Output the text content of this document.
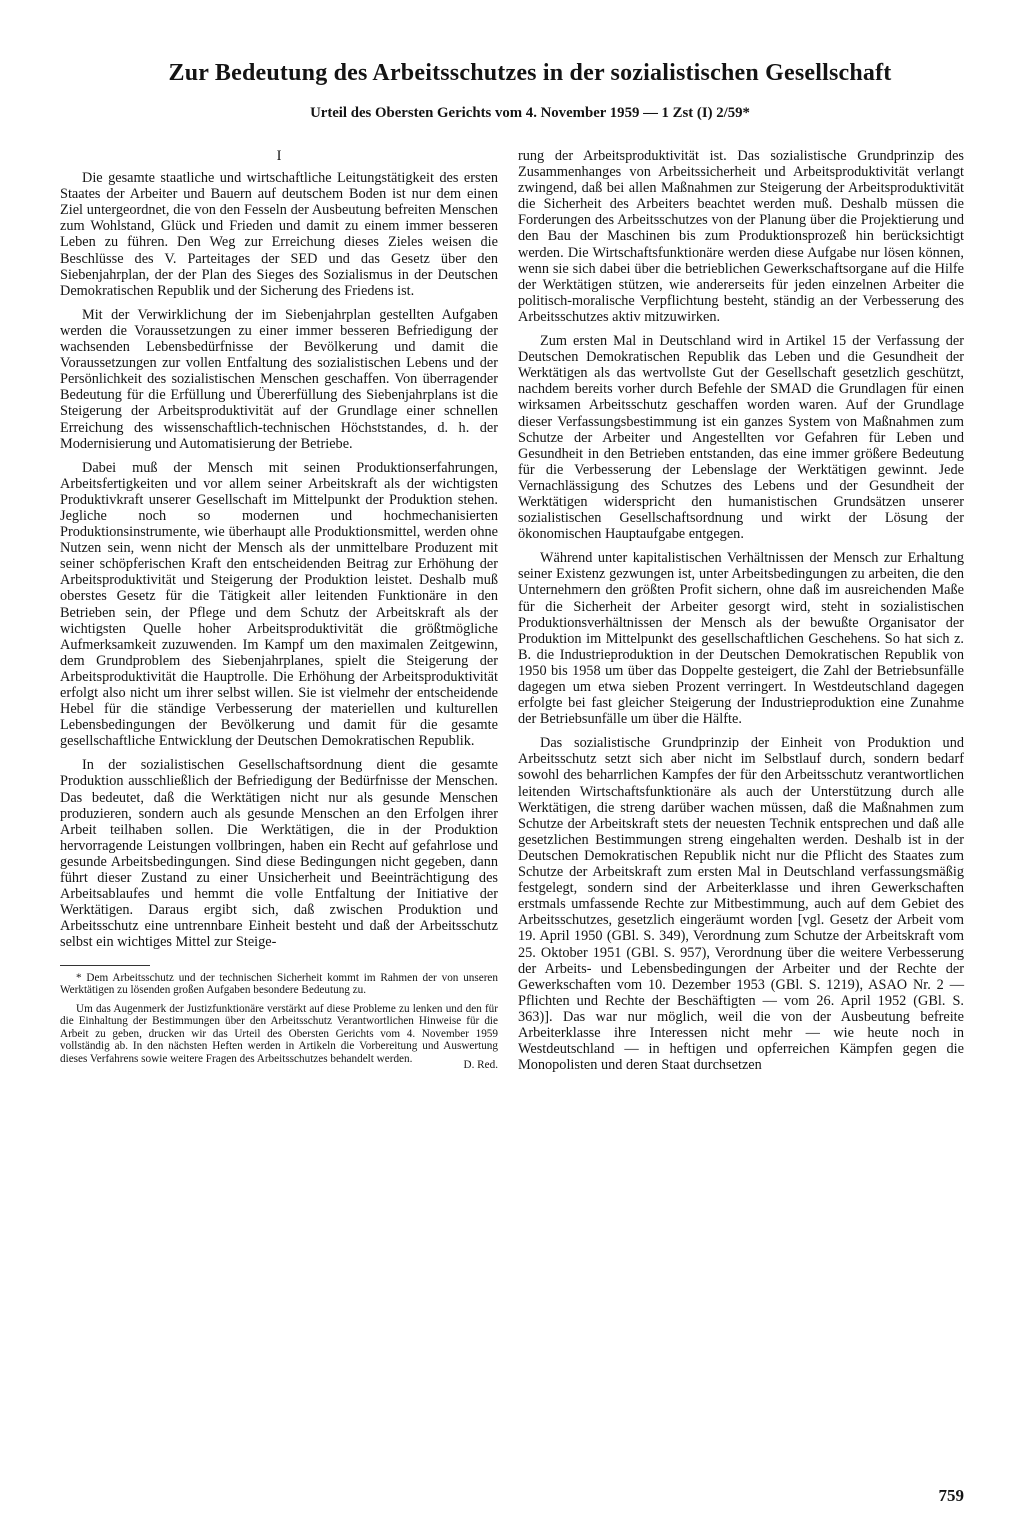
Zur Bedeutung des Arbeitsschutzes in der sozialistischen Gesellschaft
Urteil des Obersten Gerichts vom 4. November 1959 — 1 Zst (I) 2/59*
I

Die gesamte staatliche und wirtschaftliche Leitungstätigkeit des ersten Staates der Arbeiter und Bauern auf deutschem Boden ist nur dem einen Ziel untergeordnet, die von den Fesseln der Ausbeutung befreiten Menschen zum Wohlstand, Glück und Frieden und damit zu einem immer besseren Leben zu führen. Den Weg zur Erreichung dieses Zieles weisen die Beschlüsse des V. Parteitages der SED und das Gesetz über den Siebenjahrplan, der der Plan des Sieges des Sozialismus in der Deutschen Demokratischen Republik und der Sicherung des Friedens ist.

Mit der Verwirklichung der im Siebenjahrplan gestellten Aufgaben werden die Voraussetzungen zu einer immer besseren Befriedigung der wachsenden Lebensbedürfnisse der Bevölkerung und damit die Voraussetzungen zur vollen Entfaltung des sozialistischen Lebens und der Persönlichkeit des sozialistischen Menschen geschaffen. Von überragender Bedeutung für die Erfüllung und Übererfüllung des Siebenjahrplans ist die Steigerung der Arbeitsproduktivität auf der Grundlage einer schnellen Erreichung des wissenschaftlich-technischen Höchststandes, d. h. der Modernisierung und Automatisierung der Betriebe.

Dabei muß der Mensch mit seinen Produktionserfahrungen, Arbeitsfertigkeiten und vor allem seiner Arbeitskraft als der wichtigsten Produktivkraft unserer Gesellschaft im Mittelpunkt der Produktion stehen. Jegliche noch so modernen und hochmechanisierten Produktionsinstrumente, wie überhaupt alle Produktionsmittel, werden ohne Nutzen sein, wenn nicht der Mensch als der unmittelbare Produzent mit seiner schöpferischen Kraft den entscheidenden Beitrag zur Erhöhung der Arbeitsproduktivität und Steigerung der Produktion leistet. Deshalb muß oberstes Gesetz für die Tätigkeit aller leitenden Funktionäre in den Betrieben sein, der Pflege und dem Schutz der Arbeitskraft als der wichtigsten Quelle hoher Arbeitsproduktivität die größtmögliche Aufmerksamkeit zuzuwenden. Im Kampf um den maximalen Zeitgewinn, dem Grundproblem des Siebenjahrplanes, spielt die Steigerung der Arbeitsproduktivität die Hauptrolle. Die Erhöhung der Arbeitsproduktivität erfolgt also nicht um ihrer selbst willen. Sie ist vielmehr der entscheidende Hebel für die ständige Verbesserung der materiellen und kulturellen Lebensbedingungen der Bevölkerung und damit für die gesamte gesellschaftliche Entwicklung der Deutschen Demokratischen Republik.

In der sozialistischen Gesellschaftsordnung dient die gesamte Produktion ausschließlich der Befriedigung der Bedürfnisse der Menschen. Das bedeutet, daß die Werktätigen nicht nur als gesunde Menschen produzieren, sondern auch als gesunde Menschen an den Erfolgen ihrer Arbeit teilhaben sollen. Die Werktätigen, die in der Produktion hervorragende Leistungen vollbringen, haben ein Recht auf gefahrlose und gesunde Arbeitsbedingungen. Sind diese Bedingungen nicht gegeben, dann führt dieser Zustand zu einer Unsicherheit und Beeinträchtigung des Arbeitsablaufes und hemmt die volle Entfaltung der Initiative der Werktätigen. Daraus ergibt sich, daß zwischen Produktion und Arbeitsschutz eine untrennbare Einheit besteht und daß der Arbeitsschutz selbst ein wichtiges Mittel zur Steige-

* Dem Arbeitsschutz und der technischen Sicherheit kommt im Rahmen der von unseren Werktätigen zu lösenden großen Aufgaben besondere Bedeutung zu.

Um das Augenmerk der Justizfunktionäre verstärkt auf diese Probleme zu lenken und den für die Einhaltung der Bestimmungen über den Arbeitsschutz Verantwortlichen Hinweise für die Arbeit zu geben, drucken wir das Urteil des Obersten Gerichts vom 4. November 1959 vollständig ab. In den nächsten Heften werden in Artikeln die Vorbereitung und Auswertung dieses Verfahrens sowie weitere Fragen des Arbeitsschutzes behandelt werden.	D. Red.

rung der Arbeitsproduktivität ist. Das sozialistische Grundprinzip des Zusammenhanges von Arbeitssicherheit und Arbeitsproduktivität verlangt zwingend, daß bei allen Maßnahmen zur Steigerung der Arbeitsproduktivität die Sicherheit des Arbeiters beachtet werden muß. Deshalb müssen die Forderungen des Arbeitsschutzes von der Planung über die Projektierung und den Bau der Maschinen bis zum Produktionsprozeß hin berücksichtigt werden. Die Wirtschaftsfunktionäre werden diese Aufgabe nur lösen können, wenn sie sich dabei über die betrieblichen Gewerkschaftsorgane auf die Hilfe der Werktätigen stützen, wie andererseits für jeden einzelnen Arbeiter die politisch-moralische Verpflichtung besteht, ständig an der Verbesserung des Arbeitsschutzes aktiv mitzuwirken.

Zum ersten Mal in Deutschland wird in Artikel 15 der Verfassung der Deutschen Demokratischen Republik das Leben und die Gesundheit der Werktätigen als das wertvollste Gut der Gesellschaft gesetzlich geschützt, nachdem bereits vorher durch Befehle der SMAD die Grundlagen für einen wirksamen Arbeitsschutz geschaffen worden waren. Auf der Grundlage dieser Verfassungsbestimmung ist ein ganzes System von Maßnahmen zum Schutze der Arbeiter und Angestellten vor Gefahren für Leben und Gesundheit in den Betrieben entstanden, das eine immer größere Bedeutung für die Verbesserung der Lebenslage der Werktätigen gewinnt. Jede Vernachlässigung des Schutzes des Lebens und der Gesundheit der Werktätigen widerspricht den humanistischen Grundsätzen unserer sozialistischen Gesellschaftsordnung und wirkt der Lösung der ökonomischen Hauptaufgabe entgegen.

Während unter kapitalistischen Verhältnissen der Mensch zur Erhaltung seiner Existenz gezwungen ist, unter Arbeitsbedingungen zu arbeiten, die den Unternehmern den größten Profit sichern, ohne daß im ausreichenden Maße für die Sicherheit der Arbeiter gesorgt wird, steht in sozialistischen Produktionsverhältnissen der Mensch als der bewußte Organisator der Produktion im Mittelpunkt des gesellschaftlichen Geschehens. So hat sich z. B. die Industrieproduktion in der Deutschen Demokratischen Republik von 1950 bis 1958 um über das Doppelte gesteigert, die Zahl der Betriebsunfälle dagegen um etwa sieben Prozent verringert. In Westdeutschland dagegen erfolgte bei fast gleicher Steigerung der Industrieproduktion eine Zunahme der Betriebsunfälle um über die Hälfte.

Das sozialistische Grundprinzip der Einheit von Produktion und Arbeitsschutz setzt sich aber nicht im Selbstlauf durch, sondern bedarf sowohl des beharrlichen Kampfes der für den Arbeitsschutz verantwortlichen leitenden Wirtschaftsfunktionäre als auch der Unterstützung durch alle Werktätigen, die streng darüber wachen müssen, daß die Maßnahmen zum Schutze der Arbeitskraft stets der neuesten Technik entsprechen und daß alle gesetzlichen Bestimmungen streng eingehalten werden. Deshalb ist in der Deutschen Demokratischen Republik nicht nur die Pflicht des Staates zum Schutze der Arbeitskraft zum ersten Mal in Deutschland verfassungsmäßig festgelegt, sondern sind der Arbeiterklasse und ihren Gewerkschaften erstmals umfassende Rechte zur Mitbestimmung, auch auf dem Gebiet des Arbeitsschutzes, gesetzlich eingeräumt worden [vgl. Gesetz der Arbeit vom 19. April 1950 (GBl. S. 349), Verordnung zum Schutze der Arbeitskraft vom 25. Oktober 1951 (GBl. S. 957), Verordnung über die weitere Verbesserung der Arbeits- und Lebensbedingungen der Arbeiter und der Rechte der Gewerkschaften vom 10. Dezember 1953 (GBl. S. 1219), ASAO Nr. 2 — Pflichten und Rechte der Beschäftigten — vom 26. April 1952 (GBl. S. 363)]. Das war nur möglich, weil die von der Ausbeutung befreite Arbeiterklasse ihre Interessen nicht mehr — wie heute noch in Westdeutschland — in heftigen und opferreichen Kämpfen gegen die Monopolisten und deren Staat durchsetzen

759
